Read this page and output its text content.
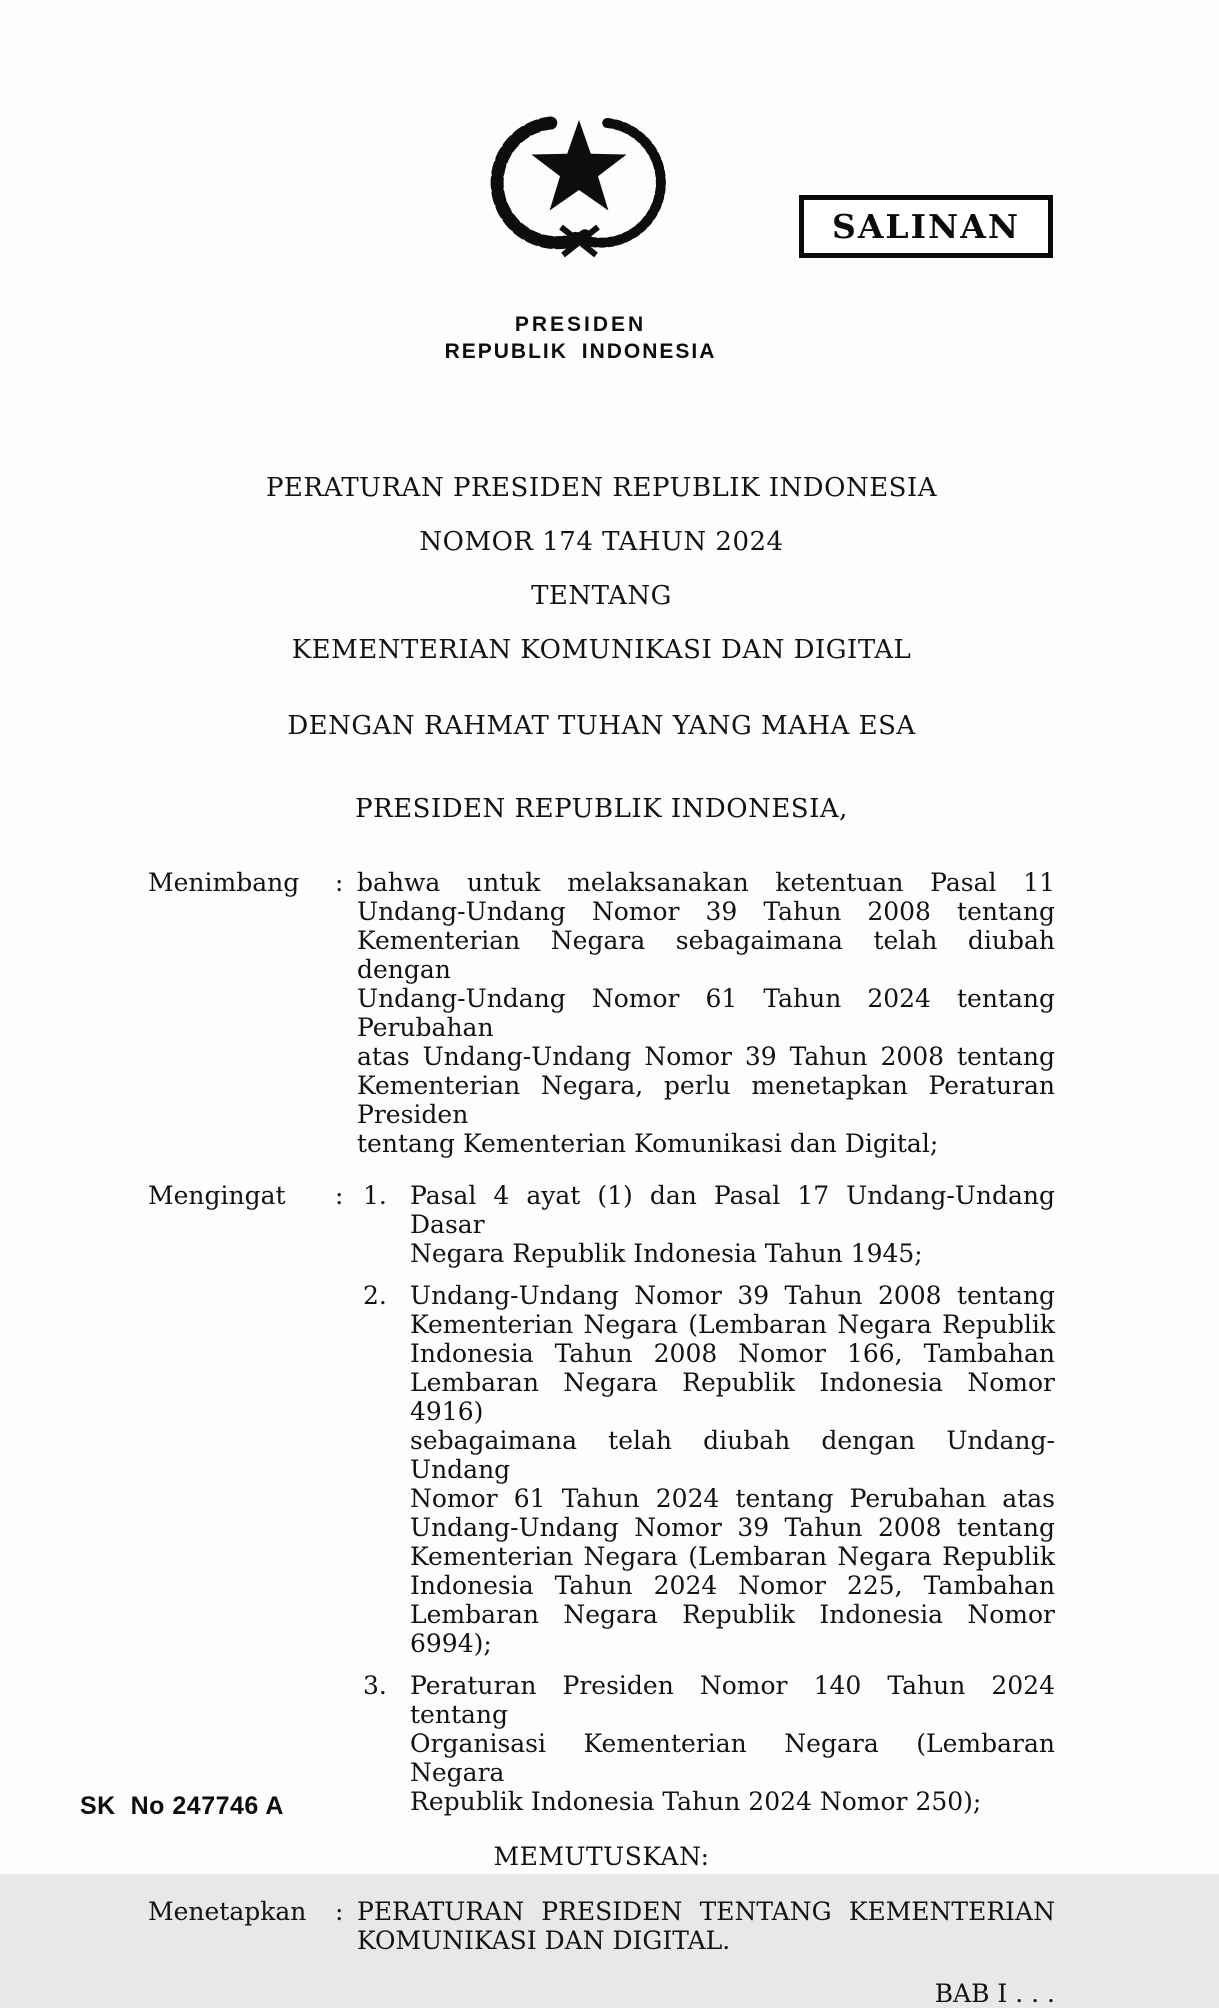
PRESIDEN
REPUBLIK INDONESIA
SALINAN
PERATURAN PRESIDEN REPUBLIK INDONESIA
NOMOR 174 TAHUN 2024
TENTANG
KEMENTERIAN KOMUNIKASI DAN DIGITAL
DENGAN RAHMAT TUHAN YANG MAHA ESA
PRESIDEN REPUBLIK INDONESIA,
Menimbang	: bahwa untuk melaksanakan ketentuan Pasal 11
Undang-Undang Nomor 39 Tahun 2008 tentang
Kementerian Negara sebagaimana telah diubah dengan
Undang-Undang Nomor 61 Tahun 2024 tentang Perubahan
atas Undang-Undang Nomor 39 Tahun 2008 tentang
Kementerian Negara, perlu menetapkan Peraturan Presiden
tentang Kementerian Komunikasi dan Digital;
Mengingat	: 1. Pasal 4 ayat (1) dan Pasal 17 Undang-Undang Dasar
Negara Republik Indonesia Tahun 1945;
2. Undang-Undang Nomor 39 Tahun 2008 tentang
Kementerian Negara (Lembaran Negara Republik
Indonesia Tahun 2008 Nomor 166, Tambahan
Lembaran Negara Republik Indonesia Nomor 4916)
sebagaimana telah diubah dengan Undang-Undang
Nomor 61 Tahun 2024 tentang Perubahan atas
Undang-Undang Nomor 39 Tahun 2008 tentang
Kementerian Negara (Lembaran Negara Republik
Indonesia Tahun 2024 Nomor 225, Tambahan
Lembaran Negara Republik Indonesia Nomor 6994);
3. Peraturan Presiden Nomor 140 Tahun 2024 tentang
Organisasi Kementerian Negara (Lembaran Negara
Republik Indonesia Tahun 2024 Nomor 250);
MEMUTUSKAN:
Menetapkan	: PERATURAN PRESIDEN TENTANG KEMENTERIAN
KOMUNIKASI DAN DIGITAL.
BAB I . . .
SK  No 247746 A
